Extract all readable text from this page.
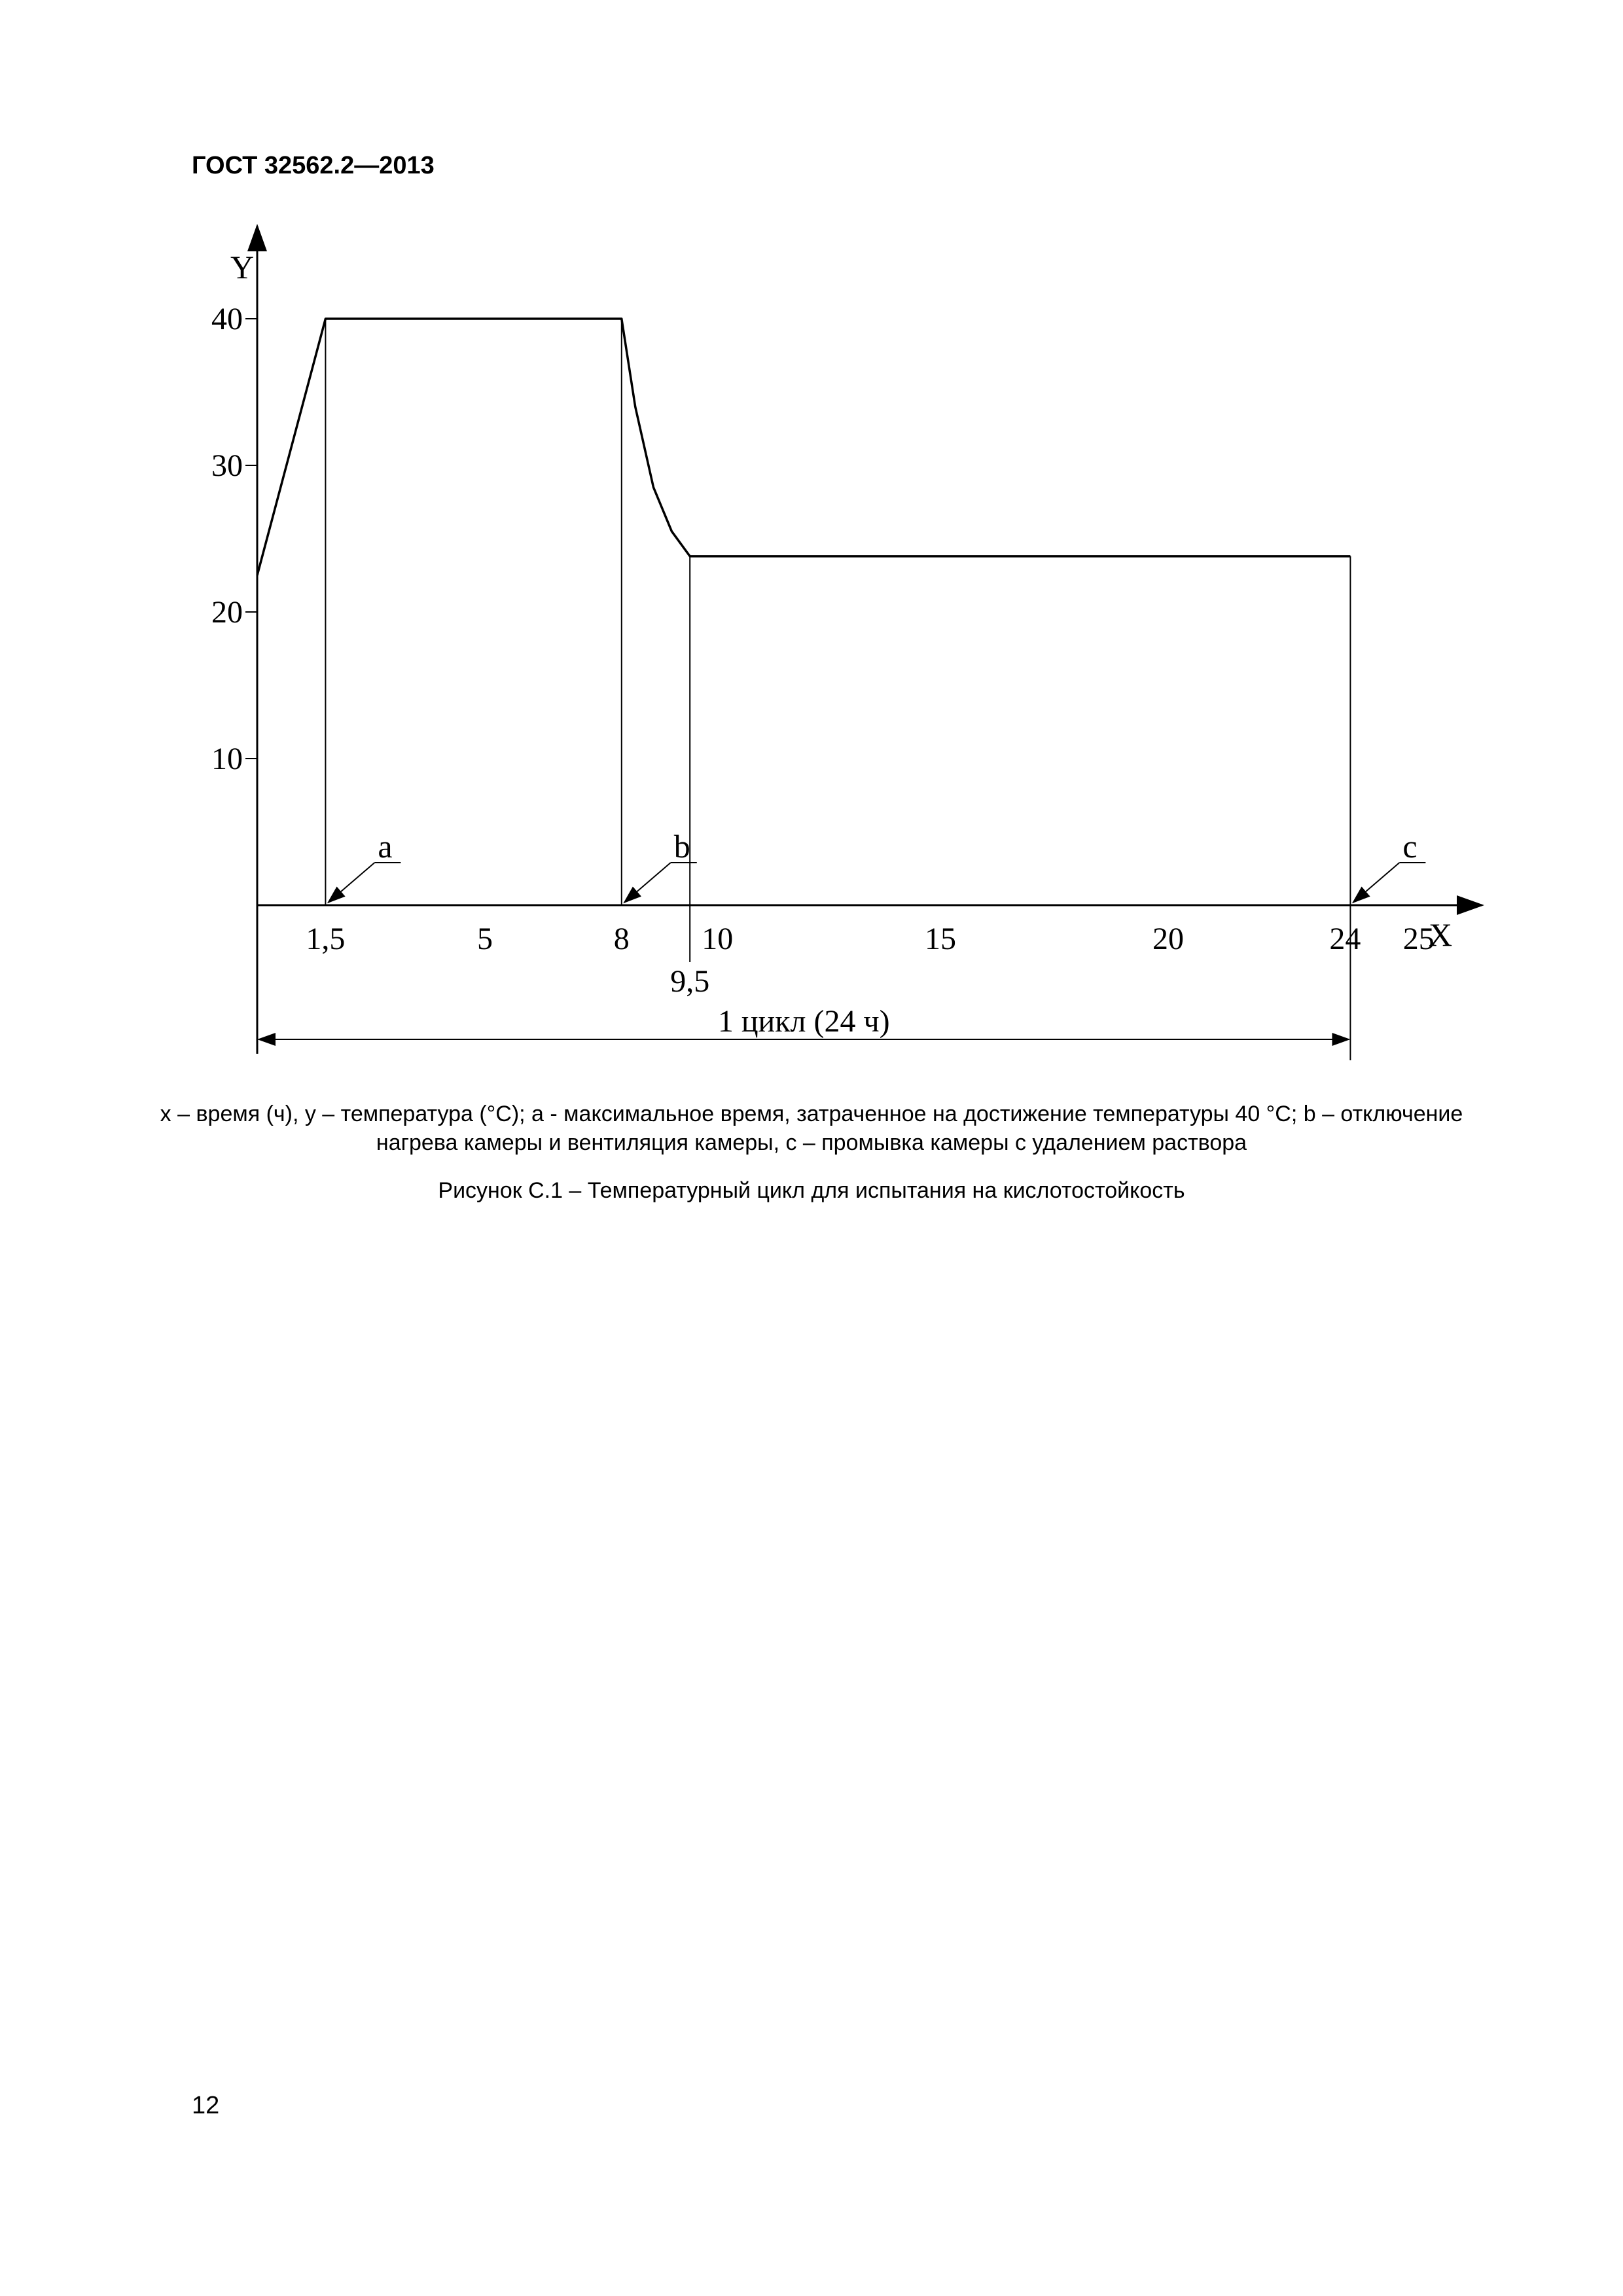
ГОСТ 32562.2—2013
Y
X
10
20
30
40
1,5	5	8
9,5
10	15	20	24 25
a	b	c
1 цикл (24 ч)
x – время (ч), y – температура (°С); а - максимальное время, затраченное на достижение температуры 40 °С; b – отключение нагрева камеры и вентиляция камеры, c – промывка камеры с удалением раствора
Рисунок С.1 – Температурный цикл для испытания на кислотостойкость
12
